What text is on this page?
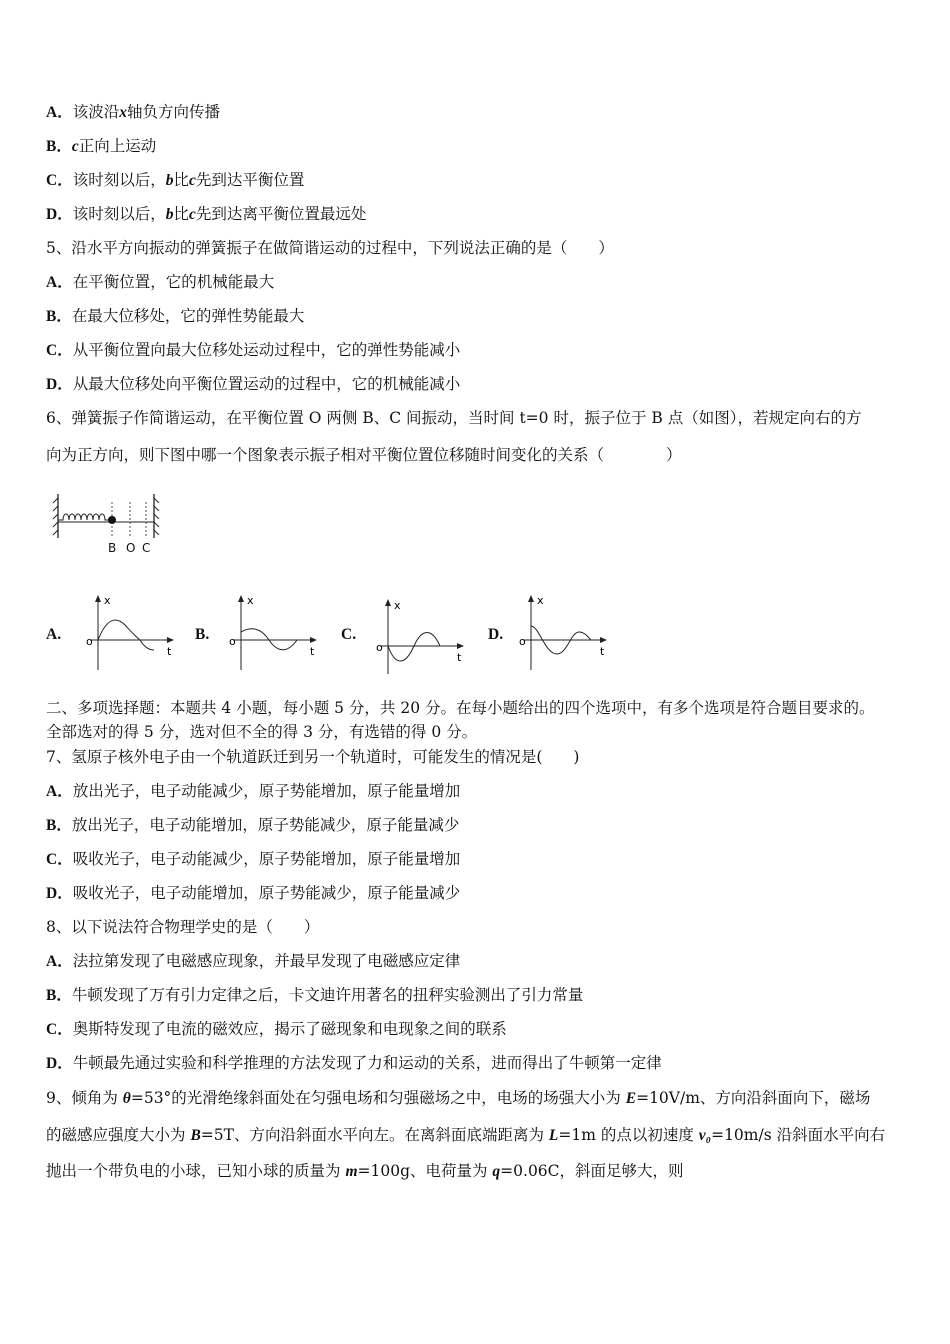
A．该波沿x轴负方向传播
B．c正向上运动
C．该时刻以后，b比c先到达平衡位置
D．该时刻以后，b比c先到达离平衡位置最远处
5、沿水平方向振动的弹簧振子在做简谐运动的过程中，下列说法正确的是（　　）
A．在平衡位置，它的机械能最大
B．在最大位移处，它的弹性势能最大
C．从平衡位置向最大位移处运动过程中，它的弹性势能减小
D．从最大位移处向平衡位置运动的过程中，它的机械能减小
6、弹簧振子作简谐运动，在平衡位置 O 两侧 B、C 间振动，当时间 t=0 时，振子位于 B 点（如图），若规定向右的方
向为正方向，则下图中哪一个图象表示振子相对平衡位置位移随时间变化的关系（　　　　）
B O C
A.	B.	C.	D.
x
o
t
x
o
t
x
o
t
x
o
t
二、多项选择题：本题共 4 小题，每小题 5 分，共 20 分。在每小题给出的四个选项中，有多个选项是符合题目要求的。
全部选对的得 5 分，选对但不全的得 3 分，有选错的得 0 分。
7、氢原子核外电子由一个轨道跃迁到另一个轨道时，可能发生的情况是(　　)
A．放出光子，电子动能减少，原子势能增加，原子能量增加
B．放出光子，电子动能增加，原子势能减少，原子能量减少
C．吸收光子，电子动能减少，原子势能增加，原子能量增加
D．吸收光子，电子动能增加，原子势能减少，原子能量减少
8、以下说法符合物理学史的是（　　）
A．法拉第发现了电磁感应现象，并最早发现了电磁感应定律
B．牛顿发现了万有引力定律之后，卡文迪许用著名的扭秤实验测出了引力常量
C．奥斯特发现了电流的磁效应，揭示了磁现象和电现象之间的联系
D．牛顿最先通过实验和科学推理的方法发现了力和运动的关系，进而得出了牛顿第一定律
9、倾角为 θ=53°的光滑绝缘斜面处在匀强电场和匀强磁场之中，电场的场强大小为 E=10V/m、方向沿斜面向下，磁场
的磁感应强度大小为 B=5T、方向沿斜面水平向左。在离斜面底端距离为 L=1m 的点以初速度 v₀=10m/s 沿斜面水平向右
抛出一个带负电的小球，已知小球的质量为 m=100g、电荷量为 q=0.06C，斜面足够大，则
